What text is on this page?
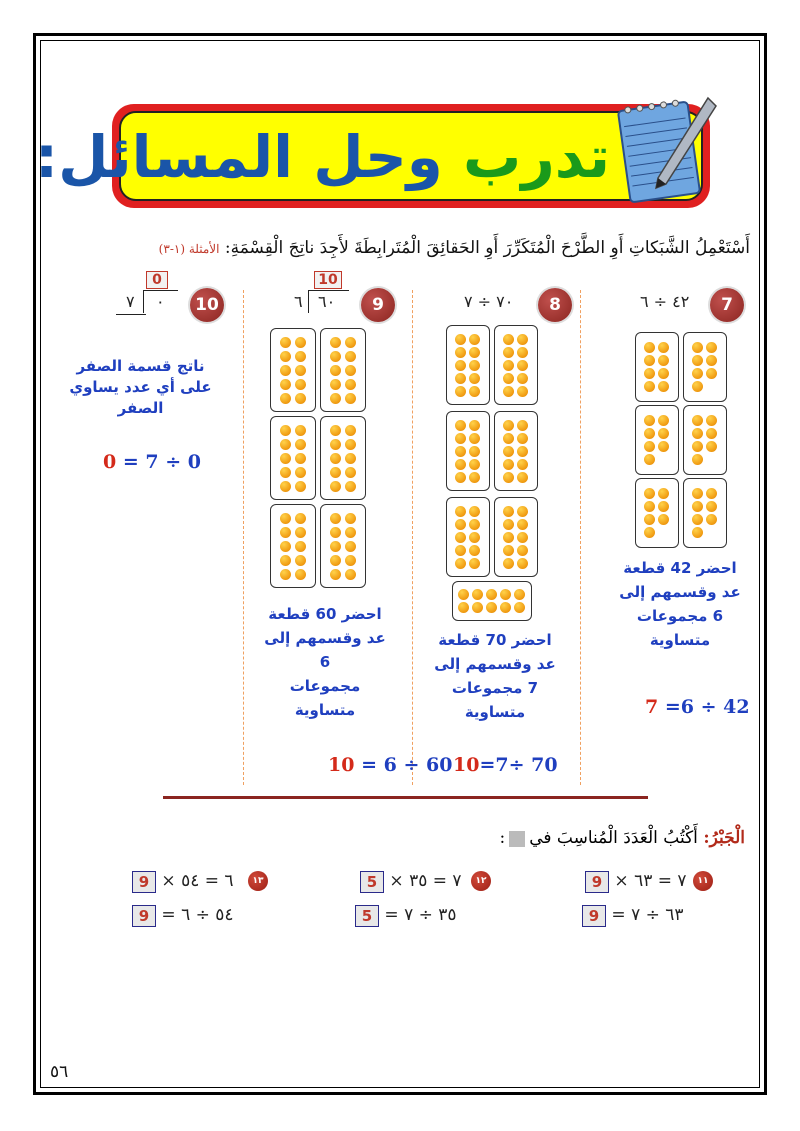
تدرب وحل المسائل:
أَسْتَعْمِلُ الشَّبَكاتِ أَوِ الطَّرْحَ الْمُتَكَرِّرَ أَوِ الحَقائِقَ الْمُتَرابِطَةَ لأَجِدَ ناتِجَ الْقِسْمَةِ: الأمثلة (١-٣)
7
٤٢ ÷ ٦
احضر 42 قطعة
عد وقسمهم إلى
6 مجموعات
متساوية
7 =6 ÷ 42
8
٧٠ ÷ ٧
احضر 70 قطعة
عد وقسمهم إلى
7 مجموعات
متساوية
10=7÷ 70
9
10
٦ ٦٠
احضر 60 قطعة
عد وقسمهم إلى
6
مجموعات
متساوية
10 = 6 ÷ 60
10
0
٧ ٠
ناتج قسمة الصفر
على أي عدد يساوي
الصفر
0 = 7 ÷ 0
الْجَبْرُ: أَكْتُبُ الْعَدَدَ الْمُناسِبَ في:
١١
9 × ٧ = ٦٣
9 = ٦٣ ÷ ٧
١٢
5 × ٧ = ٣٥
5 = ٣٥ ÷ ٧
١٣
9 × ٦ = ٥٤
9 = ٥٤ ÷ ٦
٥٦
